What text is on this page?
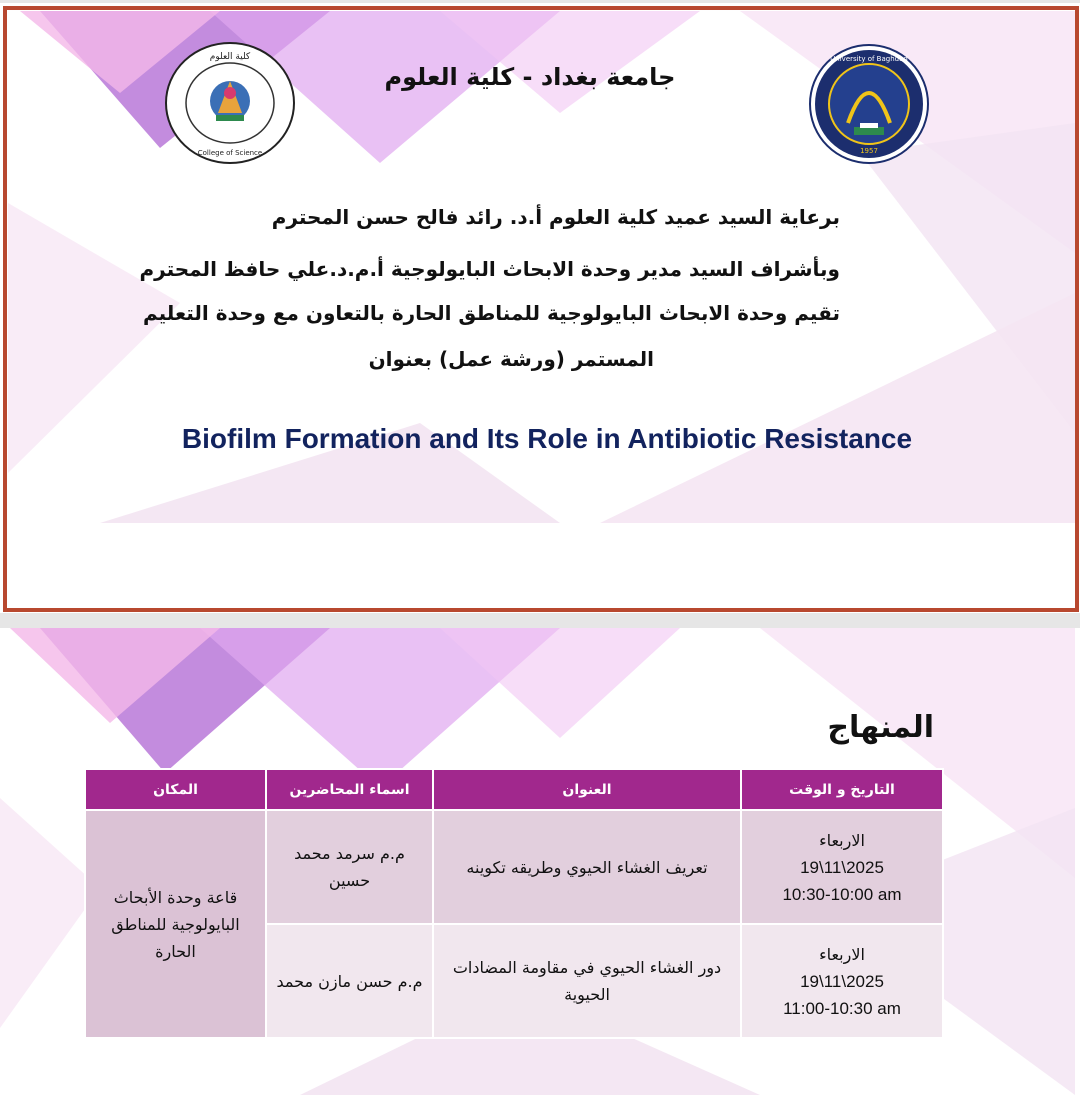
كلية العلوم
College of Science
University of Baghdad
1957
جامعة بغداد - كلية العلوم
برعاية السيد عميد كلية العلوم أ.د. رائد فالح حسن المحترم
وبأشراف السيد مدير وحدة الابحاث البايولوجية أ.م.د.علي حافظ المحترم
تقيم وحدة الابحاث البايولوجية للمناطق الحارة بالتعاون مع وحدة التعليم
المستمر (ورشة عمل) بعنوان
Biofilm Formation and Its Role in Antibiotic Resistance
المنهاج
التاريخ و الوقت	العنوان	اسماء المحاضرين	المكان

الاربعاء
19\11\2025
10:30-10:00 am	تعريف الغشاء الحيوي وطريقه تكوينه	م.م سرمد محمد حسين	قاعة وحدة الأبحاث البايولوجية للمناطق الحارة

الاربعاء
19\11\2025
11:00-10:30 am	دور الغشاء الحيوي في مقاومة المضادات الحيوية	م.م حسن مازن محمد	
